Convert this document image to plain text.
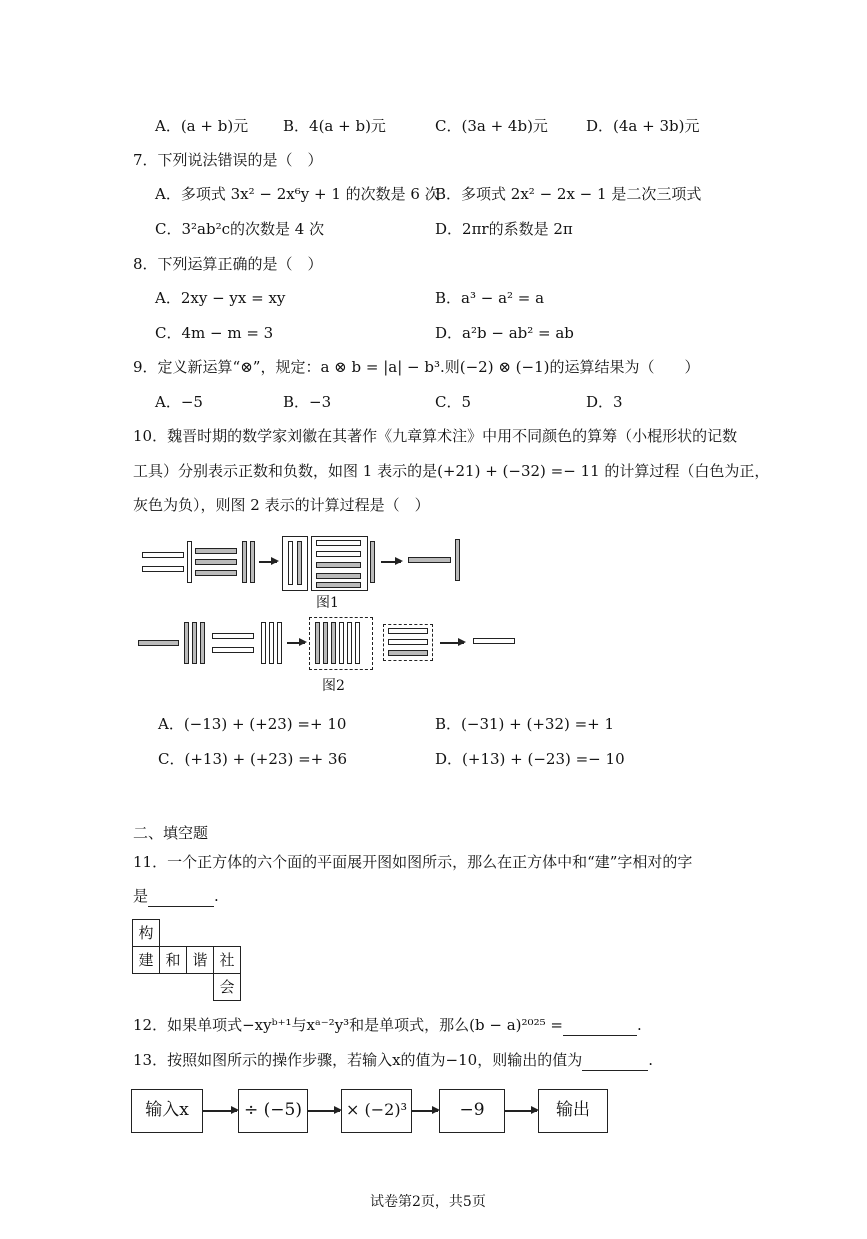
A．(a + b)元 B．4(a + b)元	C．(3a + 4b)元	D．(4a + 3b)元
7．下列说法错误的是（　）
A．多项式 3x² − 2x⁶y + 1 的次数是 6 次
B．多项式 2x² − 2x − 1 是二次三项式
C．3²ab²c的次数是 4 次	D．2πr的系数是 2π
8．下列运算正确的是（　）
A．2xy − yx = xy	B．a³ − a² = a
C．4m − m = 3	D．a²b − ab² = ab
9．定义新运算“⊗”，规定：a ⊗ b = |a| − b³.则(−2) ⊗ (−1)的运算结果为（　　）
A．−5	B．−3	C．5	D．3
10．魏晋时期的数学家刘徽在其著作《九章算术注》中用不同颜色的算筹（小棍形状的记数
工具）分别表示正数和负数，如图 1 表示的是(+21) + (−32) =− 11 的计算过程（白色为正，
灰色为负），则图 2 表示的计算过程是（　）
图1
图2
A．(−13) + (+23) =+ 10	B．(−31) + (+32) =+ 1
C．(+13) + (+23) =+ 36	D．(+13) + (−23) =− 10
二、填空题
11．一个正方体的六个面的平面展开图如图所示，那么在正方体中和“建”字相对的字
是	.
构
建 和 谐 社
会
12．如果单项式−xyᵇ⁺¹与xᵃ⁻²y³和是单项式，那么(b − a)²⁰²⁵ =	.
13．按照如图所示的操作步骤，若输入x的值为−10，则输出的值为	.
输入x	÷ (−5)	× (−2)³	−9	输出
试卷第2页，共5页
